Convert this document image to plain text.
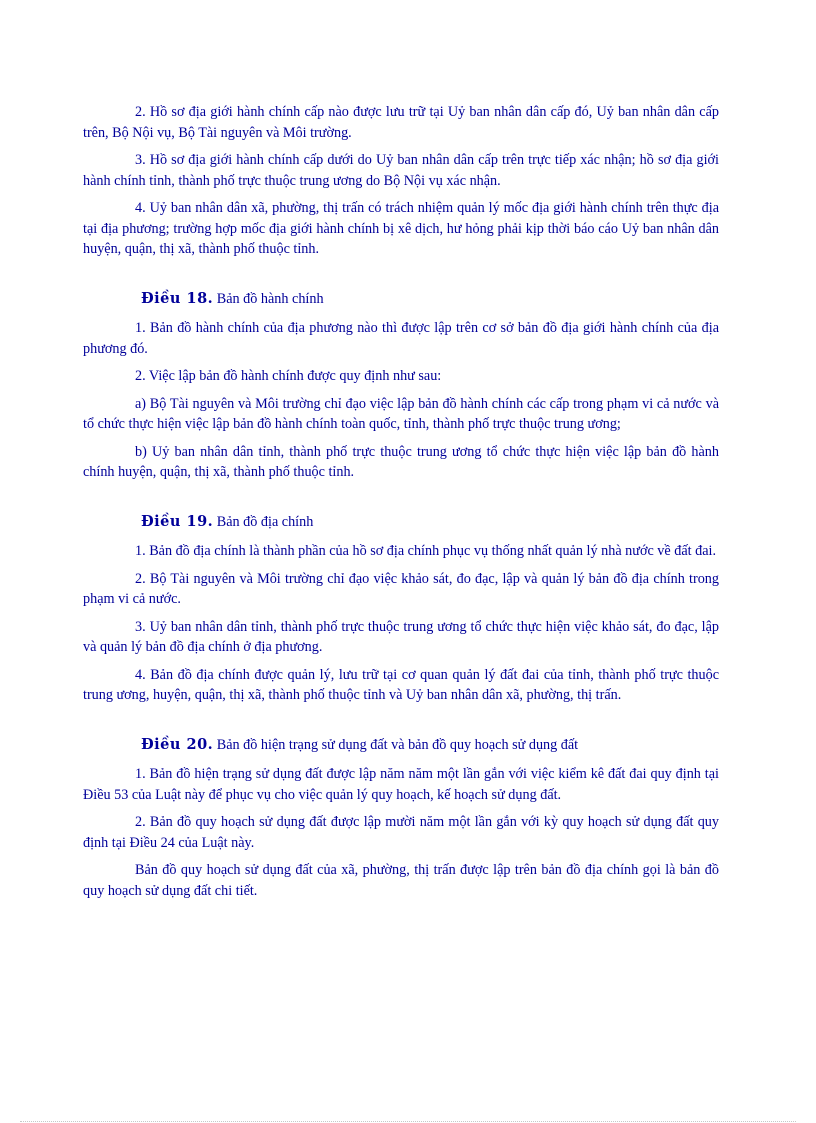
2. Hồ sơ địa giới hành chính cấp nào được lưu trữ tại Uỷ ban nhân dân cấp đó, Uỷ ban nhân dân cấp trên, Bộ Nội vụ, Bộ Tài nguyên và Môi trường.

3. Hồ sơ địa giới hành chính cấp dưới do Uỷ ban nhân dân cấp trên trực tiếp xác nhận; hồ sơ địa giới hành chính tỉnh, thành phố trực thuộc trung ương do Bộ Nội vụ xác nhận.

4. Uỷ ban nhân dân xã, phường, thị trấn có trách nhiệm quản lý mốc địa giới hành chính trên thực địa tại địa phương; trường hợp mốc địa giới hành chính bị xê dịch, hư hỏng phải kịp thời báo cáo Uỷ ban nhân dân huyện, quận, thị xã, thành phố thuộc tỉnh.

Điều 18. Bản đồ hành chính

1. Bản đồ hành chính của địa phương nào thì được lập trên cơ sở bản đồ địa giới hành chính của địa phương đó.

2. Việc lập bản đồ hành chính được quy định như sau:

a) Bộ Tài nguyên và Môi trường chỉ đạo việc lập bản đồ hành chính các cấp trong phạm vi cả nước và tổ chức thực hiện việc lập bản đồ hành chính toàn quốc, tỉnh, thành phố trực thuộc trung ương;

b) Uỷ ban nhân dân tỉnh, thành phố trực thuộc trung ương tổ chức thực hiện việc lập bản đồ hành chính huyện, quận, thị xã, thành phố thuộc tỉnh.

Điều 19. Bản đồ địa chính

1. Bản đồ địa chính là thành phần của hồ sơ địa chính phục vụ thống nhất quản lý nhà nước về đất đai.

2. Bộ Tài nguyên và Môi trường chỉ đạo việc khảo sát, đo đạc, lập và quản lý bản đồ địa chính trong phạm vi cả nước.

3. Uỷ ban nhân dân tỉnh, thành phố trực thuộc trung ương tổ chức thực hiện việc khảo sát, đo đạc, lập và quản lý bản đồ địa chính ở địa phương.

4. Bản đồ địa chính được quản lý, lưu trữ tại cơ quan quản lý đất đai của tỉnh, thành phố trực thuộc trung ương, huyện, quận, thị xã, thành phố thuộc tỉnh và Uỷ ban nhân dân xã, phường, thị trấn.

Điều 20. Bản đồ hiện trạng sử dụng đất và bản đồ quy hoạch sử dụng đất

1. Bản đồ hiện trạng sử dụng đất được lập năm năm một lần gắn với việc kiểm kê đất đai quy định tại Điều 53 của Luật này để phục vụ cho việc quản lý quy hoạch, kế hoạch sử dụng đất.

2. Bản đồ quy hoạch sử dụng đất được lập mười năm một lần gắn với kỳ quy hoạch sử dụng đất quy định tại Điều 24 của Luật này.

Bản đồ quy hoạch sử dụng đất của xã, phường, thị trấn được lập trên bản đồ địa chính gọi là bản đồ quy hoạch sử dụng đất chi tiết.
